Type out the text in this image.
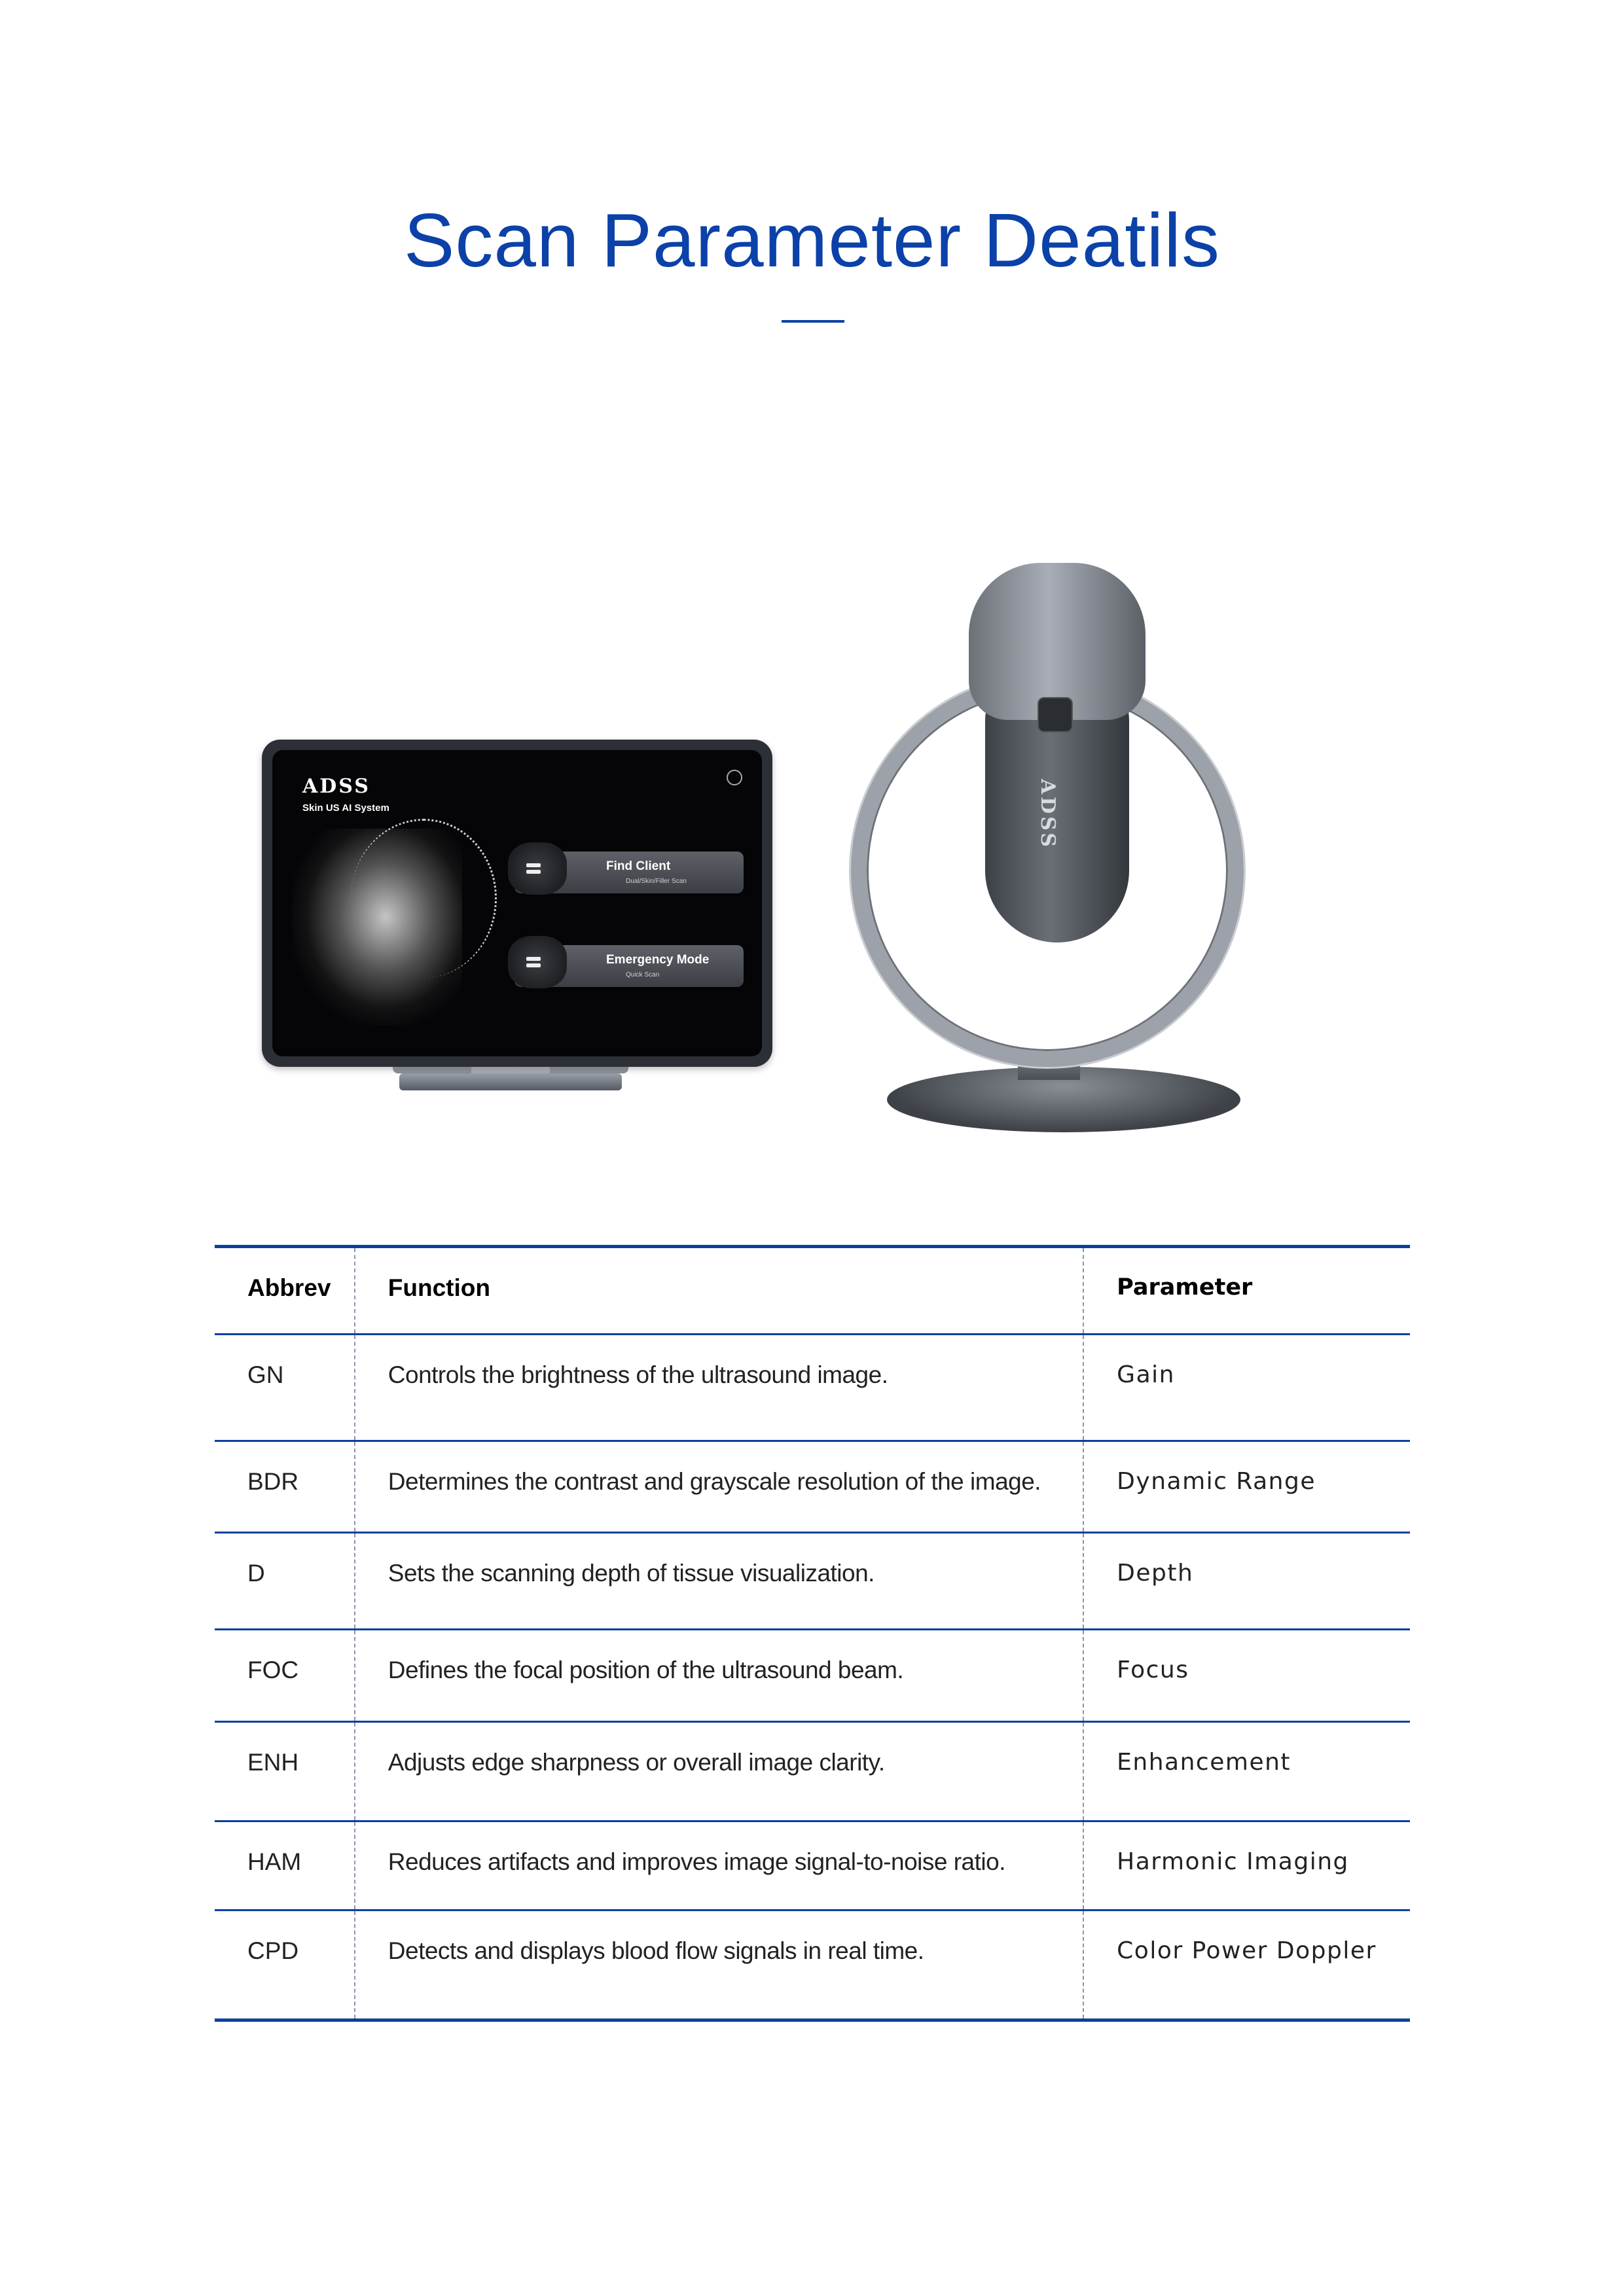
Scan Parameter Deatils
ADSS
Skin US AI System
Find Client
Dual/Skin/Filler Scan
Emergency Mode
Quick Scan
ADSS
Abbrev	Function	Parameter
GN	Controls the brightness of the ultrasound image.	Gain
BDR	Determines the contrast and grayscale resolution of the image.	Dynamic Range
D	Sets the scanning depth of tissue visualization.	Depth
FOC	Defines the focal position of the ultrasound beam.	Focus
ENH	Adjusts edge sharpness or overall image clarity.	Enhancement
HAM	Reduces artifacts and improves image signal-to-noise ratio.	Harmonic Imaging
CPD	Detects and displays blood flow signals in real time.	Color Power Doppler
